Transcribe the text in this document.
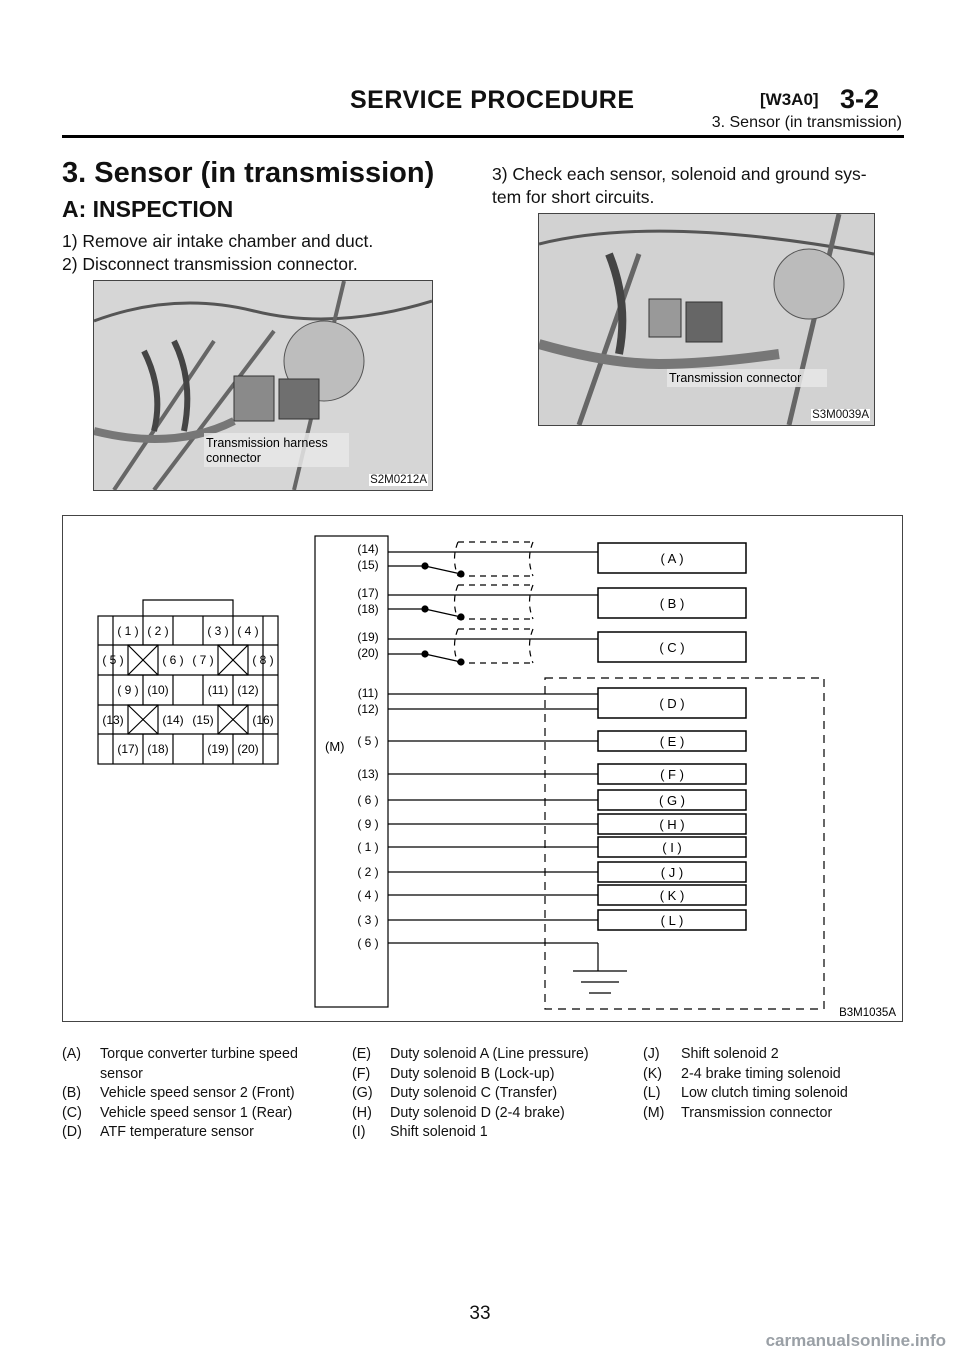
SERVICE PROCEDURE	[W3A0] 3-2
3. Sensor (in transmission)
3. Sensor (in transmission)
A: INSPECTION
1) Remove air intake chamber and duct.
2) Disconnect transmission connector.
3) Check each sensor, solenoid and ground sys-
tem for short circuits.
Transmission harness
connector
S2M0212A
Transmission connector
S3M0039A
( 1 ) ( 2 )	( 3 ) ( 4 )
( 5 )	( 6 ) ( 7 )	( 8 )
( 9 ) (10)	(11) (12)
(13)	(14) (15)	(16)
(17) (18)	(19) (20)	(M)
(14)
(15)
(17)
(18)
(19)
(20)
(11)
(12)
( 5 )
(13)
( 6 )
( 9 )
( 1 )
( 2 )
( 4 )
( 3 )
( 6 )
( A )
( B )
( C )
( D )
( E )
( F )
( G )
( H )
( I )
( J )
( K )
( L )
B3M1035A
(A)	Torque converter turbine speed
sensor
(B)	Vehicle speed sensor 2 (Front)
(C)	Vehicle speed sensor 1 (Rear)
(D)	ATF temperature sensor
(E)	Duty solenoid A (Line pressure)
(F)	Duty solenoid B (Lock-up)
(G)	Duty solenoid C (Transfer)
(H)	Duty solenoid D (2-4 brake)
(I)	Shift solenoid 1
(J)	Shift solenoid 2
(K)	2-4 brake timing solenoid
(L)	Low clutch timing solenoid
(M)	Transmission connector
33
carmanualsonline.info
